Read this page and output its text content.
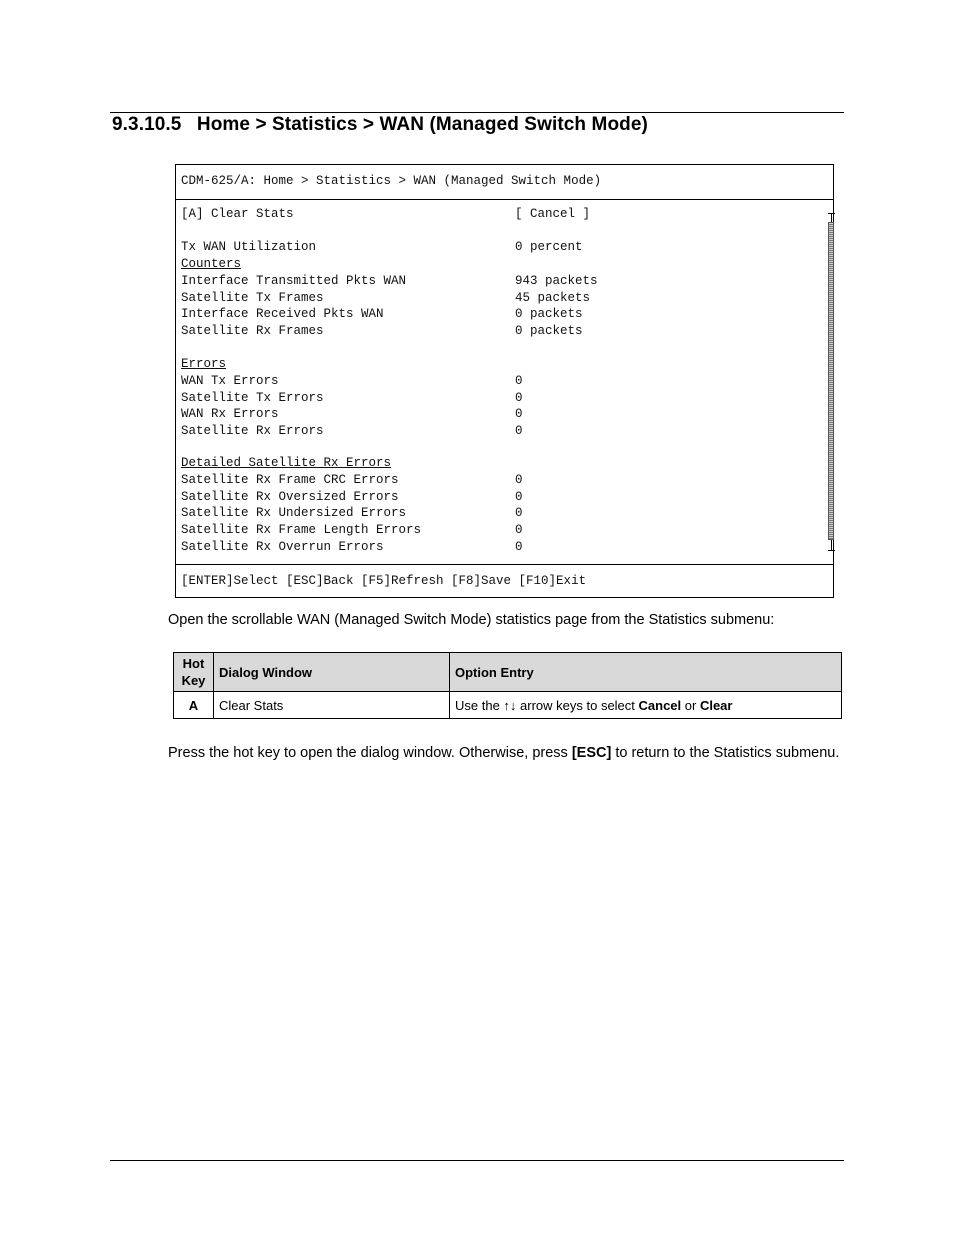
9.3.10.5 Home > Statistics > WAN (Managed Switch Mode)
CDM-625/A: Home > Statistics > WAN (Managed Switch Mode)

[A] Clear Stats

	[ Cancel ]

Tx WAN Utilization

	0 percent

Counters

Interface Transmitted Pkts WAN

	943 packets

Satellite Tx Frames

	45 packets

Interface Received Pkts WAN

	0 packets

Satellite Rx Frames

	0 packets

Errors

WAN Tx Errors

	0

Satellite Tx Errors

	0

WAN Rx Errors

	0

Satellite Rx Errors

	0

Detailed Satellite Rx Errors

Satellite Rx Frame CRC Errors

	0

Satellite Rx Oversized Errors

	0

Satellite Rx Undersized Errors

	0

Satellite Rx Frame Length Errors

	0

Satellite Rx Overrun Errors

	0

[ENTER]Select [ESC]Back [F5]Refresh [F8]Save [F10]Exit
Open the scrollable WAN (Managed Switch Mode) statistics page from the Statistics submenu:
Hot
Key	Dialog Window	Option Entry
A	Clear Stats	Use the ↑↓ arrow keys to select Cancel or Clear
Press the hot key to open the dialog window. Otherwise, press [ESC] to return to the Statistics submenu.
